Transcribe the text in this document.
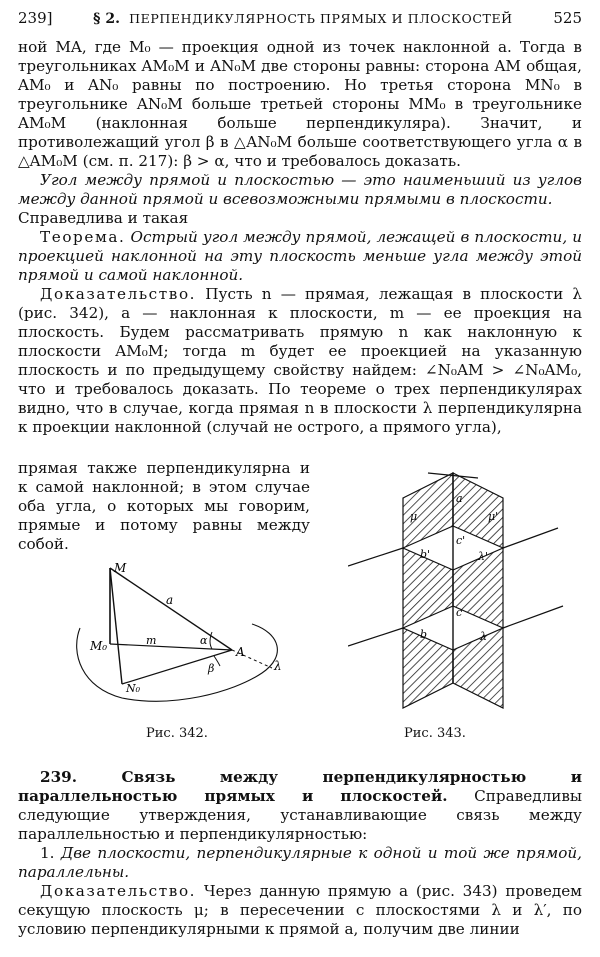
239]	§ 2. ПЕРПЕНДИКУЛЯРНОСТЬ ПРЯМЫХ И ПЛОСКОСТЕЙ	525

ной MA, где M₀ — проекция одной из точек наклонной a. Тогда в треугольниках AM₀M и AN₀M две стороны равны: сторона AM общая, AM₀ и AN₀ равны по построению. Но третья сторона MN₀ в треугольнике AN₀M больше третьей стороны MM₀ в треугольнике AM₀M (наклонная больше перпендикуляра). Значит, и противолежащий угол β в △AN₀M больше соответствующего угла α в △AM₀M (см. п. 217): β > α, что и требовалось доказать.

Угол между прямой и плоскостью — это наименьший из углов между данной прямой и всевозможными прямыми в плоскости.

Справедлива и такая

Теорема. Острый угол между прямой, лежащей в плоскости, и проекцией наклонной на эту плоскость меньше угла между этой прямой и самой наклонной.

Доказательство. Пусть n — прямая, лежащая в плоскости λ (рис. 342), a — наклонная к плоскости, m — ее проекция на плоскость. Будем рассматривать прямую n как наклонную к плоскости AM₀M; тогда m будет ее проекцией на указанную плоскость и по предыдущему свойству найдем: ∠N₀AM > ∠N₀AM₀, что и требовалось доказать. По теореме о трех перпендикулярах видно, что в случае, когда прямая n в плоскости λ перпендикулярна к проекции наклонной (случай не острого, а прямого угла),

прямая также перпендикулярна и к самой наклонной; в этом случае оба угла, о которых мы говорим, прямые и потому равны между собой.

M
M₀	A
N₀
a
m	α
β	λ
Рис. 342.
a
μ	μ'
b'
c'
λ'
c
b	λ
Рис. 343.

239. Связь между перпендикулярностью и параллельностью прямых и плоскостей. Справедливы следующие утверждения, устанавливающие связь между параллельностью и перпендикулярностью:

1. Две плоскости, перпендикулярные к одной и той же прямой, параллельны.

Доказательство. Через данную прямую a (рис. 343) проведем секущую плоскость μ; в пересечении с плоскостями λ и λ′, по условию перпендикулярными к прямой a, получим две линии
